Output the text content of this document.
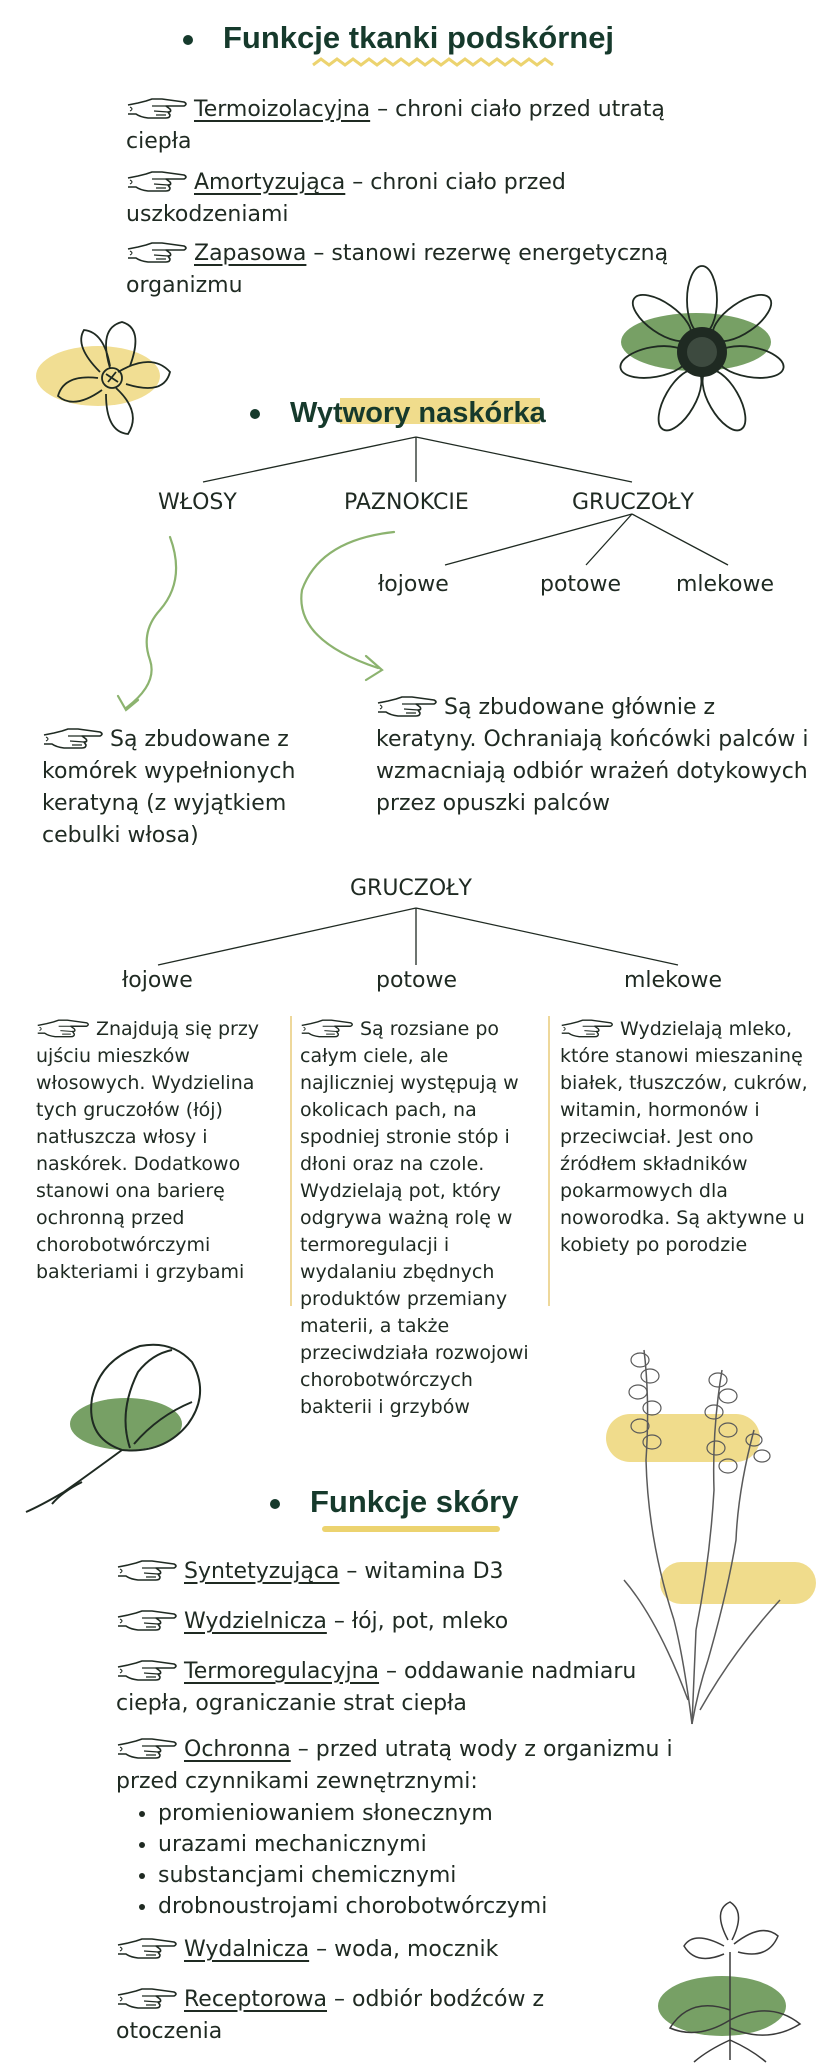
Funkcje tkanki podskórnej
Termoizolacyjna – chroni ciało przed utratą ciepła
Amortyzująca – chroni ciało przed uszkodzeniami
Zapasowa – stanowi rezerwę energetyczną organizmu
Wytwory naskórka
WŁOSY	PAZNOKCIE	GRUCZOŁY
łojowe	potowe mlekowe
Są zbudowane głównie z keratyny. Ochraniają końcówki palców i wzmacniają odbiór wrażeń dotykowych przez opuszki palców
Są zbudowane z komórek wypełnionych keratyną (z wyjątkiem cebulki włosa)
GRUCZOŁY
łojowe	potowe	mlekowe
Znajdują się przy ujściu mieszków włosowych. Wydzielina tych gruczołów (łój) natłuszcza włosy i naskórek. Dodatkowo stanowi ona barierę ochronną przed chorobotwórczymi bakteriami i grzybami
Są rozsiane po całym ciele, ale najliczniej występują w okolicach pach, na spodniej stronie stóp i dłoni oraz na czole. Wydzielają pot, który odgrywa ważną rolę w termoregulacji i wydalaniu zbędnych produktów przemiany materii, a także przeciwdziała rozwojowi chorobotwórczych bakterii i grzybów
Wydzielają mleko, które stanowi mieszaninę białek, tłuszczów, cukrów, witamin, hormonów i przeciwciał. Jest ono źródłem składników pokarmowych dla noworodka. Są aktywne u kobiety po porodzie
Funkcje skóry
Syntetyzująca – witamina D3
Wydzielnicza – łój, pot, mleko
Termoregulacyjna – oddawanie nadmiaru ciepła, ograniczanie strat ciepła
Ochronna – przed utratą wody z organizmu i przed czynnikami zewnętrznymi:
• promieniowaniem słonecznym
• urazami mechanicznymi
• substancjami chemicznymi
• drobnoustrojami chorobotwórczymi
Wydalnicza – woda, mocznik
Receptorowa – odbiór bodźców z otoczenia
